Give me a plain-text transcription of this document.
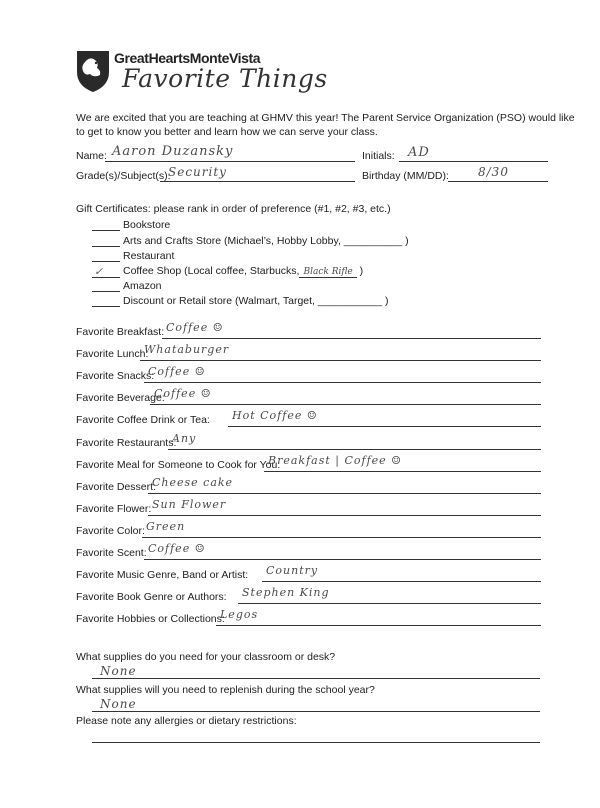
GreatHeartsMonteVista
Favorite Things
We are excited that you are teaching at GHMV this year! The Parent Service Organization (PSO) would like
to get to know you better and learn how we can serve your class.
Name: Aaron Duzansky	Initials: AD
Grade(s)/Subject(s):
Security	Birthday (MM/DD): 8/30
Gift Certificates: please rank in order of preference (#1, #2, #3, etc.)
Bookstore
Arts and Crafts Store (Michael’s, Hobby Lobby, __________ )
Restaurant
✓ Coffee Shop (Local coffee, Starbucks, Black Rifle )
Amazon
Discount or Retail store (Walmart, Target, ___________ )
Favorite Breakfast: Coffee ☺
Favorite Lunch:
Whataburger
Favorite Snacks:
Coffee ☺
Favorite Beverage:
Coffee ☺
Favorite Coffee Drink or Tea: Hot Coffee ☺
Favorite Restaurants:
Any
Favorite Meal for Someone to Cook for You:
Breakfast | Coffee ☺
Favorite Dessert:
Cheese cake
Favorite Flower: Sun Flower
Favorite Color: Green
Favorite Scent: Coffee ☺
Favorite Music Genre, Band or Artist: Country
Favorite Book Genre or Authors: Stephen King
Favorite Hobbies or Collections:
Legos
What supplies do you need for your classroom or desk?
None
What supplies will you need to replenish during the school year?
None
Please note any allergies or dietary restrictions:
